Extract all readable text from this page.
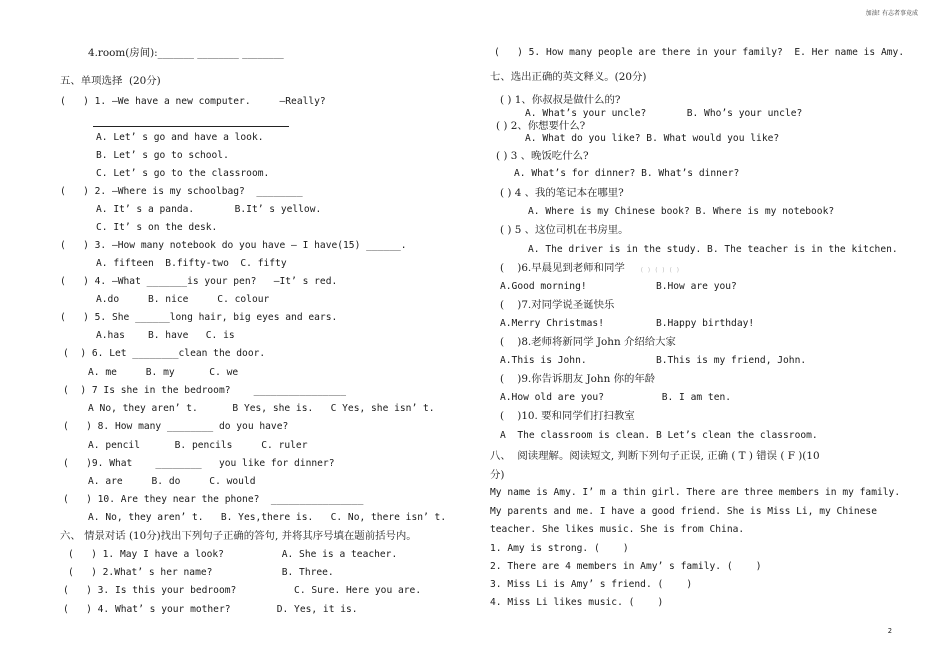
加油! 有志者事竟成
4.room(房间):_______ ________ ________
五、单项选择  (20分)
(   ) 1. —We have a new computer.     —Really?
A. Let’ s go and have a look.
B. Let’ s go to school.
C. Let’ s go to the classroom.
(   ) 2. —Where is my schoolbag?  ________
A. It’ s a panda.       B.It’ s yellow.
C. It’ s on the desk.
(   ) 3. —How many notebook do you have — I have(15) ______.
A. fifteen  B.fifty-two  C. fifty
(   ) 4. —What _______is your pen?   —It’ s red.
A.do     B. nice     C. colour
(   ) 5. She ______long hair, big eyes and ears.
A.has    B. have   C. is
(  ) 6. Let ________clean the door.
A. me     B. my      C. we
(  ) 7 Is she in the bedroom?    ________________
A No, they aren’ t.      B Yes, she is.   C Yes, she isn’ t.
(   ) 8. How many ________ do you have?
A. pencil      B. pencils     C. ruler
(   )9. What    ________   you like for dinner?
A. are     B. do     C. would
(   ) 10. Are they near the phone?  ________________
A. No, they aren’ t.   B. Yes,there is.   C. No, there isn’ t.
六、 情景对话 (10分)找出下列句子正确的答句, 并将其序号填在题前括号内。
(   ) 1. May I have a look?          A. She is a teacher.
(   ) 2.What’ s her name?            B. Three.
(   ) 3. Is this your bedroom?          C. Sure. Here you are.
(   ) 4. What’ s your mother?        D. Yes, it is.
(   ) 5. How many people are there in your family?  E. Her name is Amy.
七、选出正确的英文释义。(20分)
( ) 1、你叔叔是做什么的?
A. What’s your uncle?       B. Who’s your uncle?
( ) 2、你想要什么?
A. What do you like? B. What would you like?
( ) 3 、晚饭吃什么?
A. What’s for dinner? B. What’s dinner?
( ) 4 、我的笔记本在哪里?
A. Where is my Chinese book? B. Where is my notebook?
( ) 5 、这位司机在书房里。
A. The driver is in the study. B. The teacher is in the kitchen.
(    )6.早晨见到老师和同学
A.Good morning!            B.How are you?
(    )7.对同学说圣诞快乐
A.Merry Christmas!         B.Happy birthday!
(    )8.老师将新同学 John 介绍给大家
A.This is John.            B.This is my friend, John.
(    )9.你告诉朋友 John 你的年龄
A.How old are you?          B. I am ten.
(    )10. 要和同学们打扫教室
A  The classroom is clean. B Let’s clean the classroom.
八、  阅读理解。阅读短文, 判断下列句子正误, 正确 ( T ) 错误 ( F )(10
分)
My name is Amy. I’ m a thin girl. There are three members in my family.
My parents and me. I have a good friend. She is Miss Li, my Chinese
teacher. She likes music. She is from China.
1. Amy is strong. (    )
2. There are 4 members in Amy’ s family. (    )
3. Miss Li is Amy’ s friend. (    )
4. Miss Li likes music. (    )
( ) ( ) ( )
2
